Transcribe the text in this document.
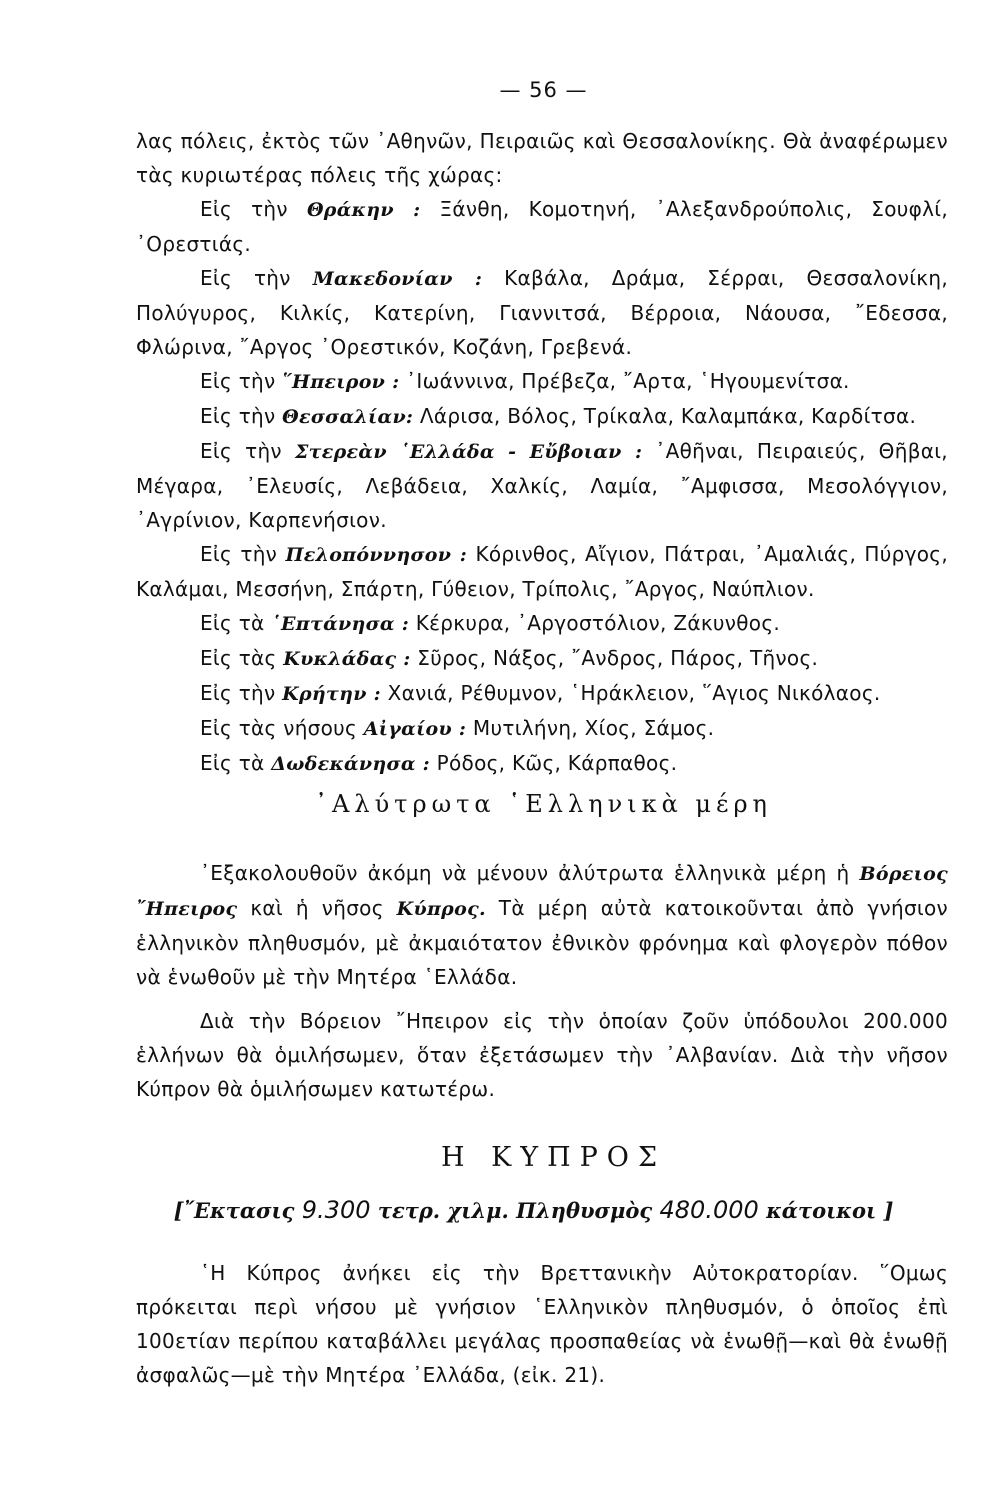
— 56 —

λας πόλεις, ἐκτὸς τῶν ᾿Αθηνῶν, Πειραιῶς καὶ Θεσσαλονίκης. Θὰ ἀναφέρωμεν τὰς κυριωτέρας πόλεις τῆς χώρας:

Εἰς τὴν Θράκην : Ξάνθη, Κομοτηνή, ᾿Αλεξανδρούπολις, Σουφλί, ᾿Ορεστιάς.

Εἰς τὴν Μακεδονίαν : Καβάλα, Δράμα, Σέρραι, Θεσσαλονίκη, Πολύγυρος, Κιλκίς, Κατερίνη, Γιαννιτσά, Βέρροια, Νάουσα, ῎Εδεσσα, Φλώρινα, ῎Αργος ᾿Ορεστικόν, Κοζάνη, Γρεβενά.

Εἰς τὴν ῞Ηπειρον : ᾿Ιωάννινα, Πρέβεζα, ῎Αρτα, ῾Ηγουμενίτσα.

Εἰς τὴν Θεσσαλίαν: Λάρισα, Βόλος, Τρίκαλα, Καλαμπάκα, Καρδίτσα.

Εἰς τὴν Στερεὰν ῾Ελλάδα - Εὔβοιαν : ᾿Αθῆναι, Πειραιεύς, Θῆβαι, Μέγαρα, ᾿Ελευσίς, Λεβάδεια, Χαλκίς, Λαμία, ῎Αμφισσα, Μεσολόγγιον, ᾿Αγρίνιον, Καρπενήσιον.

Εἰς τὴν Πελοπόννησον : Κόρινθος, Αἴγιον, Πάτραι, ᾿Αμαλιάς, Πύργος, Καλάμαι, Μεσσήνη, Σπάρτη, Γύθειον, Τρίπολις, ῎Αργος, Ναύπλιον.

Εἰς τὰ ῾Επτάνησα : Κέρκυρα, ᾿Αργοστόλιον, Ζάκυνθος.

Εἰς τὰς Κυκλάδας : Σῦρος, Νάξος, ῎Ανδρος, Πάρος, Τῆνος.

Εἰς τὴν Κρήτην : Χανιά, Ρέθυμνον, ῾Ηράκλειον, ῞Αγιος Νικόλαος.

Εἰς τὰς νήσους Αἰγαίου : Μυτιλήνη, Χίος, Σάμος.

Εἰς τὰ Δωδεκάνησα : Ρόδος, Κῶς, Κάρπαθος.

᾿Αλύτρωτα ῾Ελληνικὰ μέρη

᾿Εξακολουθοῦν ἀκόμη νὰ μένουν ἀλύτρωτα ἑλληνικὰ μέρη ἡ Βόρειος ῎Ηπειρος καὶ ἡ νῆσος Κύπρος. Τὰ μέρη αὐτὰ κατοικοῦνται ἀπὸ γνήσιον ἑλληνικὸν πληθυσμόν, μὲ ἀκμαιότατον ἐθνικὸν φρόνημα καὶ φλογερὸν πόθον νὰ ἑνωθοῦν μὲ τὴν Μητέρα ῾Ελλάδα.

Διὰ τὴν Βόρειον ῎Ηπειρον εἰς τὴν ὁποίαν ζοῦν ὑπόδουλοι 200.000 ἑλλήνων θὰ ὁμιλήσωμεν, ὅταν ἐξετάσωμεν τὴν ᾿Αλβανίαν. Διὰ τὴν νῆσον Κύπρον θὰ ὁμιλήσωμεν κατωτέρω.

Η ΚΥΠΡΟΣ
[῎Εκτασις 9.300 τετρ. χιλμ. Πληθυσμὸς 480.000 κάτοικοι ]

῾Η Κύπρος ἀνήκει εἰς τὴν Βρεττανικὴν Αὐτοκρατορίαν. ῞Ομως πρόκειται περὶ νήσου μὲ γνήσιον ῾Ελληνικὸν πληθυσμόν, ὁ ὁποῖος ἐπὶ 100ετίαν περίπου καταβάλλει μεγάλας προσπαθείας νὰ ἑνωθῇ—καὶ θὰ ἑνωθῇ ἀσφαλῶς—μὲ τὴν Μητέρα ᾿Ελλάδα, (εἰκ. 21).
